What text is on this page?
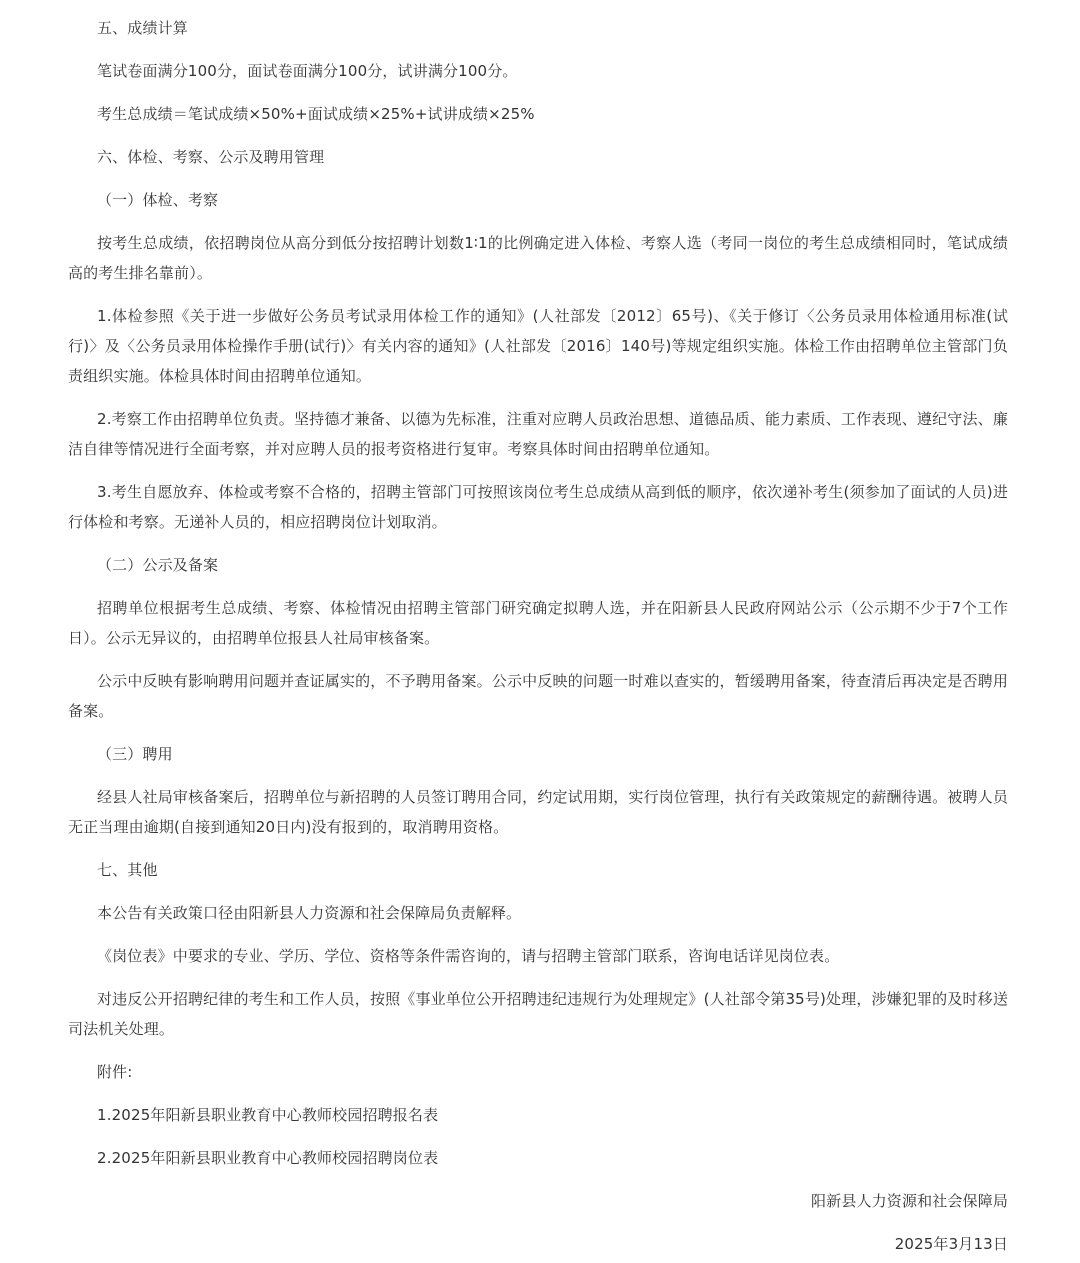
五、成绩计算

笔试卷面满分100分，面试卷面满分100分，试讲满分100分。

考生总成绩＝笔试成绩×50%+面试成绩×25%+试讲成绩×25%

六、体检、考察、公示及聘用管理

（一）体检、考察

按考生总成绩，依招聘岗位从高分到低分按招聘计划数1∶1的比例确定进入体检、考察人选（考同一岗位的考生总成绩相同时，笔试成绩高的考生排名靠前）。

1.体检参照《关于进一步做好公务员考试录用体检工作的通知》(人社部发〔2012〕65号)、《关于修订〈公务员录用体检通用标准(试行)〉及〈公务员录用体检操作手册(试行)〉有关内容的通知》(人社部发〔2016〕140号)等规定组织实施。体检工作由招聘单位主管部门负责组织实施。体检具体时间由招聘单位通知。

2.考察工作由招聘单位负责。坚持德才兼备、以德为先标准，注重对应聘人员政治思想、道德品质、能力素质、工作表现、遵纪守法、廉洁自律等情况进行全面考察，并对应聘人员的报考资格进行复审。考察具体时间由招聘单位通知。

3.考生自愿放弃、体检或考察不合格的，招聘主管部门可按照该岗位考生总成绩从高到低的顺序，依次递补考生(须参加了面试的人员)进行体检和考察。无递补人员的，相应招聘岗位计划取消。

（二）公示及备案

招聘单位根据考生总成绩、考察、体检情况由招聘主管部门研究确定拟聘人选，并在阳新县人民政府网站公示（公示期不少于7个工作日）。公示无异议的，由招聘单位报县人社局审核备案。

公示中反映有影响聘用问题并查证属实的，不予聘用备案。公示中反映的问题一时难以查实的，暂缓聘用备案，待查清后再决定是否聘用备案。

（三）聘用

经县人社局审核备案后，招聘单位与新招聘的人员签订聘用合同，约定试用期，实行岗位管理，执行有关政策规定的薪酬待遇。被聘人员无正当理由逾期(自接到通知20日内)没有报到的，取消聘用资格。

七、其他

本公告有关政策口径由阳新县人力资源和社会保障局负责解释。

《岗位表》中要求的专业、学历、学位、资格等条件需咨询的，请与招聘主管部门联系，咨询电话详见岗位表。

对违反公开招聘纪律的考生和工作人员，按照《事业单位公开招聘违纪违规行为处理规定》(人社部令第35号)处理，涉嫌犯罪的及时移送司法机关处理。

附件:

1.2025年阳新县职业教育中心教师校园招聘报名表

2.2025年阳新县职业教育中心教师校园招聘岗位表

阳新县人力资源和社会保障局

2025年3月13日
